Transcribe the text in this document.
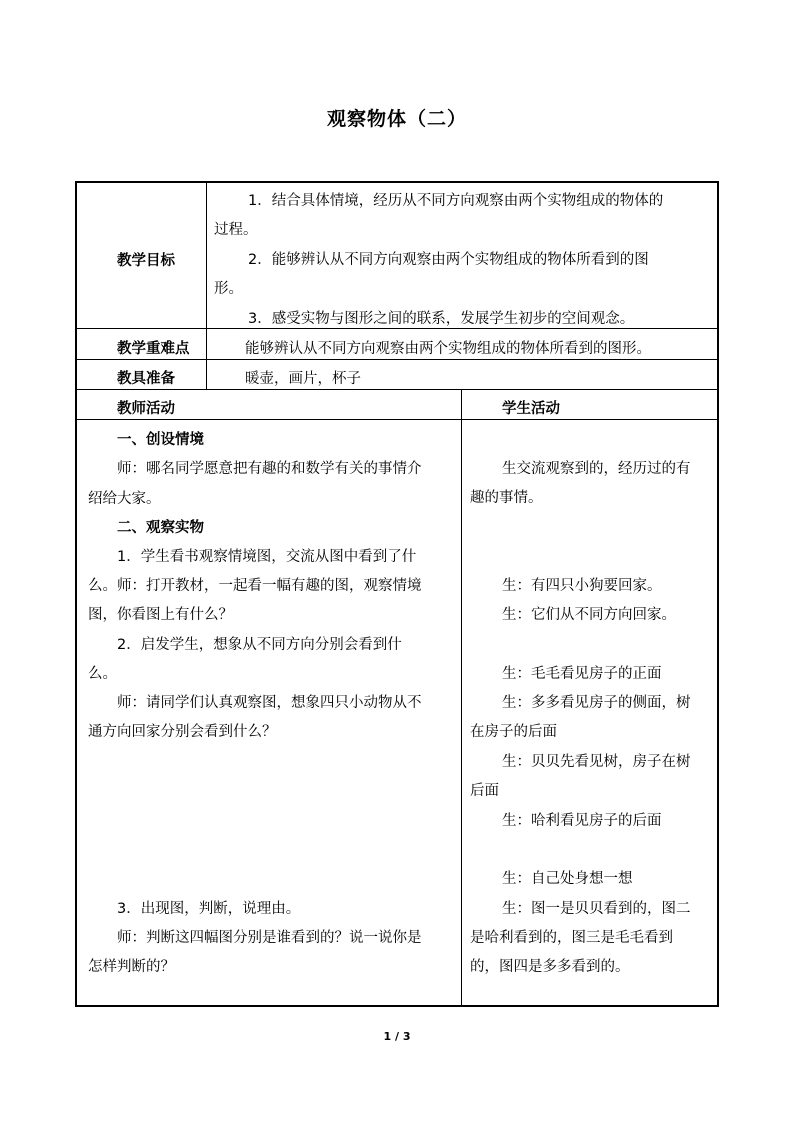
观察物体（二）
教学目标
教学重难点
教具准备
教师活动	学生活动
1．结合具体情境，经历从不同方向观察由两个实物组成的物体的
过程。
2．能够辨认从不同方向观察由两个实物组成的物体所看到的图
形。
3．感受实物与图形之间的联系，发展学生初步的空间观念。
能够辨认从不同方向观察由两个实物组成的物体所看到的图形。
暖壶，画片，杯子
一、创设情境
师：哪名同学愿意把有趣的和数学有关的事情介
绍给大家。
二、观察实物
1．学生看书观察情境图，交流从图中看到了什
么。师：打开教材，一起看一幅有趣的图，观察情境
图，你看图上有什么？
2．启发学生，想象从不同方向分别会看到什
么。
师：请同学们认真观察图，想象四只小动物从不
通方向回家分别会看到什么？
3．出现图，判断，说理由。
师：判断这四幅图分别是谁看到的？说一说你是
怎样判断的？
生交流观察到的，经历过的有
趣的事情。
生：有四只小狗要回家。
生：它们从不同方向回家。
生：毛毛看见房子的正面
生：多多看见房子的侧面，树
在房子的后面
生：贝贝先看见树，房子在树
后面
生：哈利看见房子的后面
生：自己处身想一想
生：图一是贝贝看到的，图二
是哈利看到的，图三是毛毛看到
的，图四是多多看到的。
1 / 3
